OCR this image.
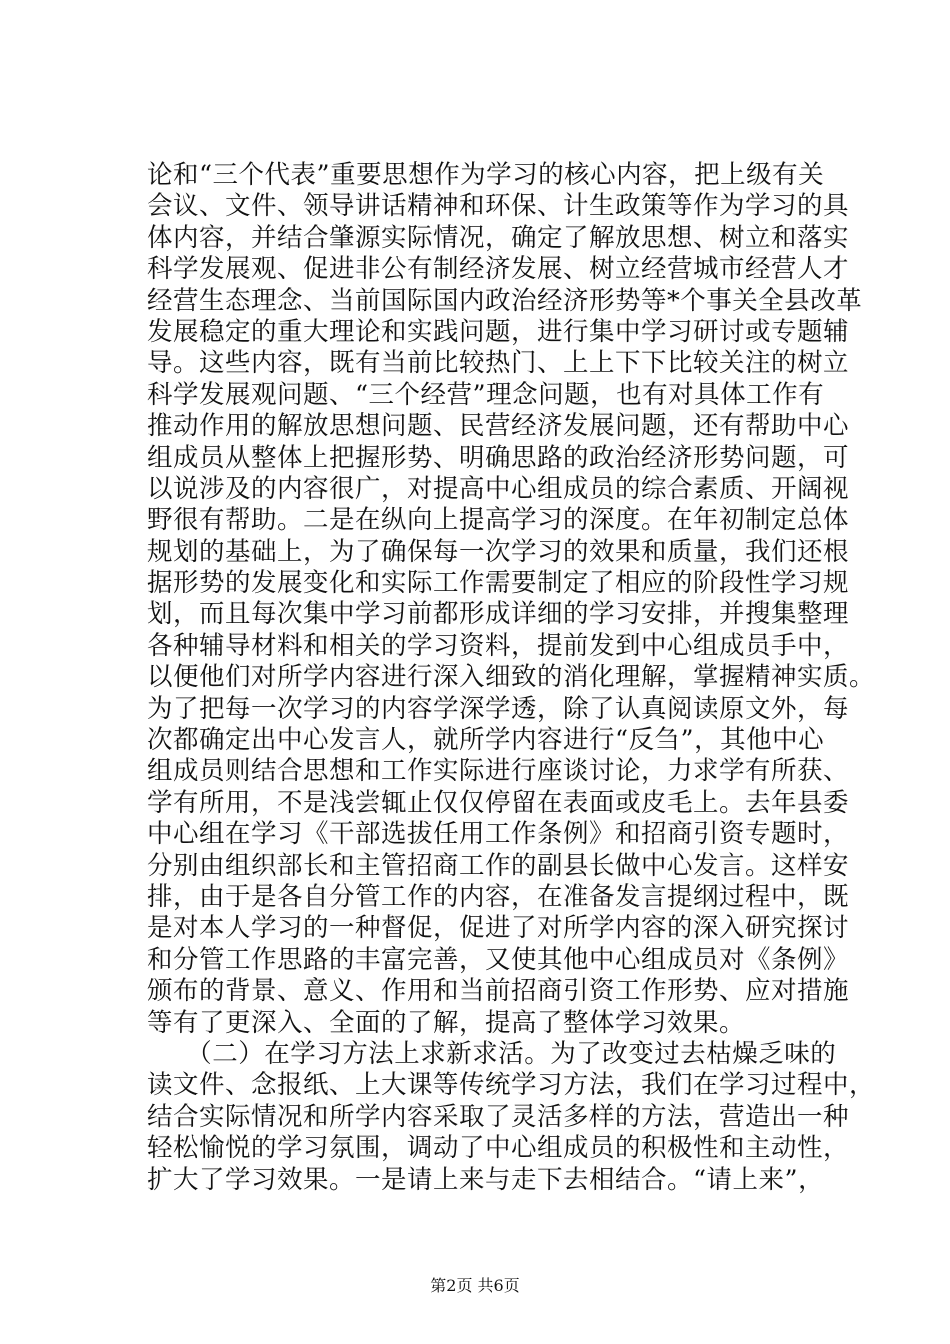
论和“三个代表”重要思想作为学习的核心内容，把上级有关
会议、文件、领导讲话精神和环保、计生政策等作为学习的具
体内容，并结合肇源实际情况，确定了解放思想、树立和落实
科学发展观、促进非公有制经济发展、树立经营城市经营人才
经营生态理念、当前国际国内政治经济形势等*个事关全县改革
发展稳定的重大理论和实践问题，进行集中学习研讨或专题辅
导。这些内容，既有当前比较热门、上上下下比较关注的树立
科学发展观问题、“三个经营”理念问题，也有对具体工作有
推动作用的解放思想问题、民营经济发展问题，还有帮助中心
组成员从整体上把握形势、明确思路的政治经济形势问题，可
以说涉及的内容很广，对提高中心组成员的综合素质、开阔视
野很有帮助。二是在纵向上提高学习的深度。在年初制定总体
规划的基础上，为了确保每一次学习的效果和质量，我们还根
据形势的发展变化和实际工作需要制定了相应的阶段性学习规
划，而且每次集中学习前都形成详细的学习安排，并搜集整理
各种辅导材料和相关的学习资料，提前发到中心组成员手中，
以便他们对所学内容进行深入细致的消化理解，掌握精神实质。
为了把每一次学习的内容学深学透，除了认真阅读原文外，每
次都确定出中心发言人，就所学内容进行“反刍”，其他中心
组成员则结合思想和工作实际进行座谈讨论，力求学有所获、
学有所用，不是浅尝辄止仅仅停留在表面或皮毛上。去年县委
中心组在学习《干部选拔任用工作条例》和招商引资专题时，
分别由组织部长和主管招商工作的副县长做中心发言。这样安
排，由于是各自分管工作的内容，在准备发言提纲过程中，既
是对本人学习的一种督促，促进了对所学内容的深入研究探讨
和分管工作思路的丰富完善，又使其他中心组成员对《条例》
颁布的背景、意义、作用和当前招商引资工作形势、应对措施
等有了更深入、全面的了解，提高了整体学习效果。
　　（二）在学习方法上求新求活。为了改变过去枯燥乏味的
读文件、念报纸、上大课等传统学习方法，我们在学习过程中，
结合实际情况和所学内容采取了灵活多样的方法，营造出一种
轻松愉悦的学习氛围，调动了中心组成员的积极性和主动性，
扩大了学习效果。一是请上来与走下去相结合。“请上来”，
第2页 共6页
